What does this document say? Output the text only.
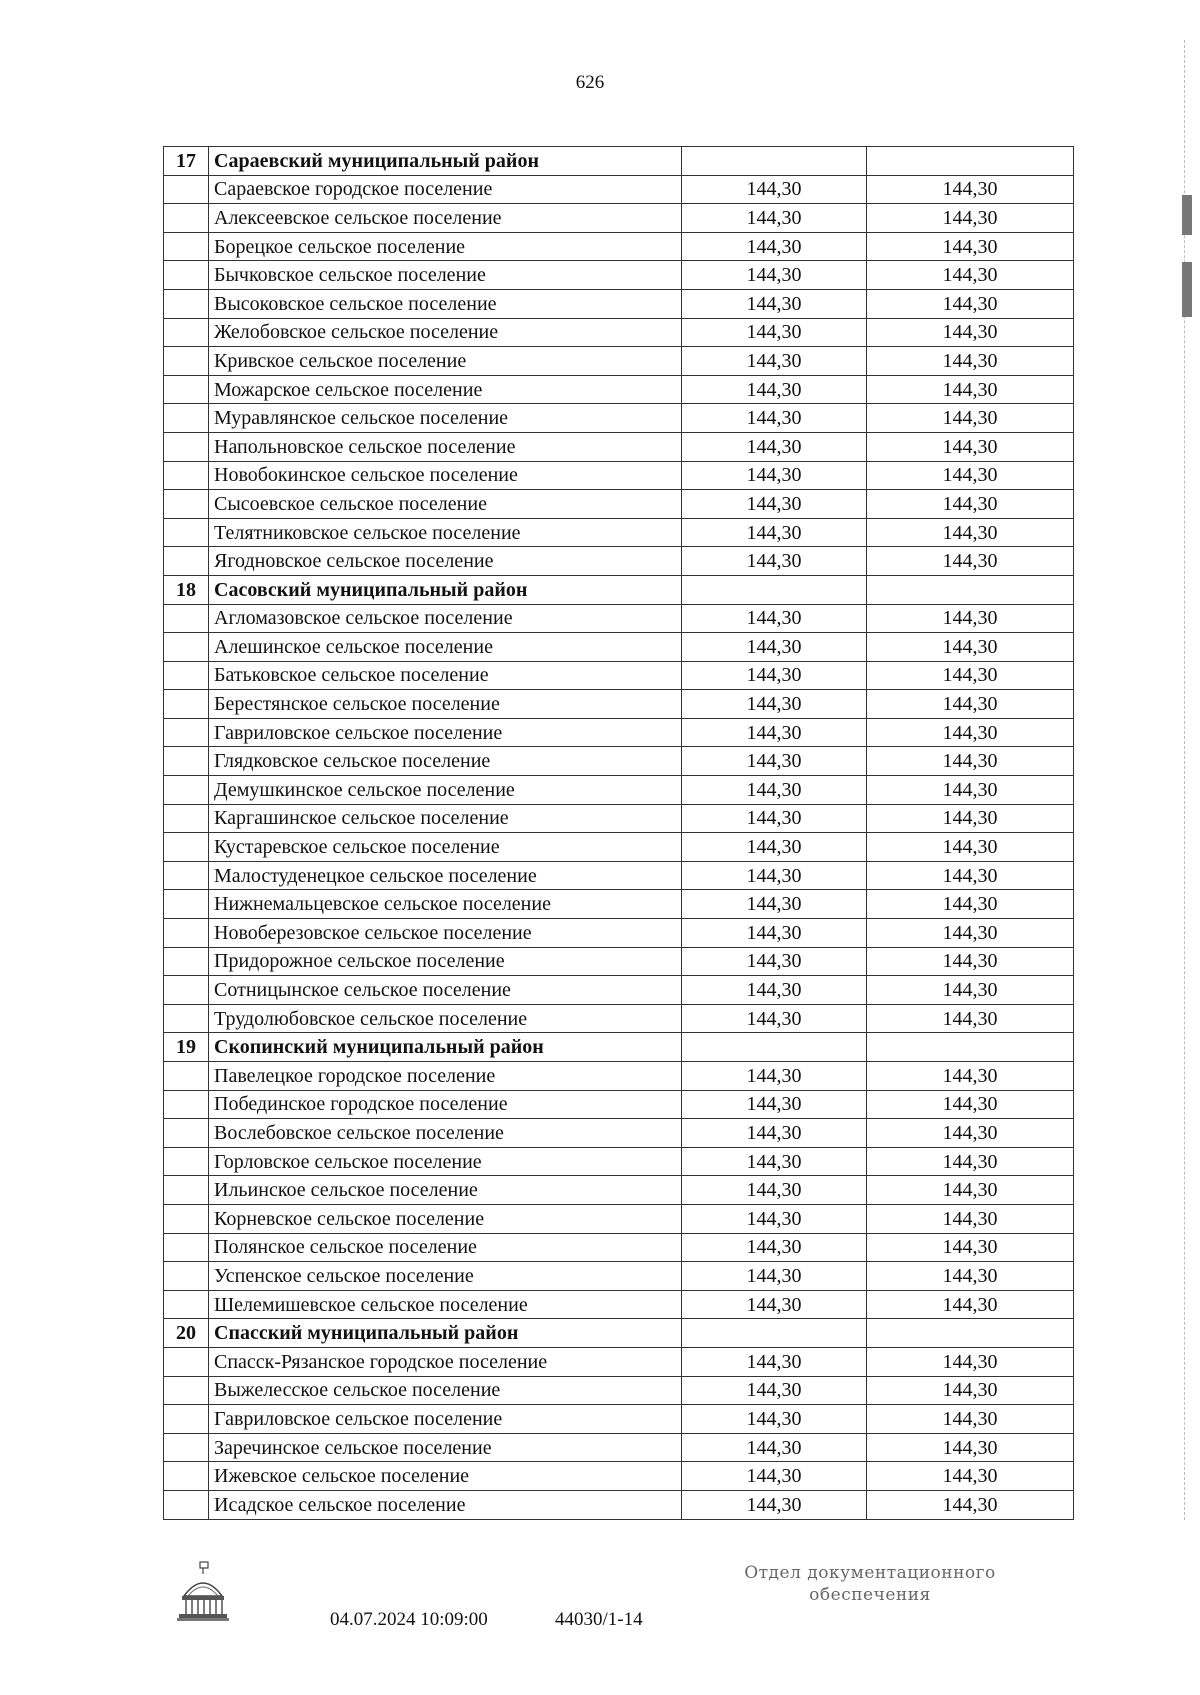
626
17	Сараевский муниципальный район		
	Сараевское городское поселение	144,30	144,30
	Алексеевское сельское поселение	144,30	144,30
	Борецкое сельское поселение	144,30	144,30
	Бычковское сельское поселение	144,30	144,30
	Высоковское сельское поселение	144,30	144,30
	Желобовское сельское поселение	144,30	144,30
	Кривское сельское поселение	144,30	144,30
	Можарское сельское поселение	144,30	144,30
	Муравлянское сельское поселение	144,30	144,30
	Напольновское сельское поселение	144,30	144,30
	Новобокинское сельское поселение	144,30	144,30
	Сысоевское сельское поселение	144,30	144,30
	Телятниковское сельское поселение	144,30	144,30
	Ягодновское сельское поселение	144,30	144,30
18	Сасовский муниципальный район		
	Агломазовское сельское поселение	144,30	144,30
	Алешинское сельское поселение	144,30	144,30
	Батьковское сельское поселение	144,30	144,30
	Берестянское сельское поселение	144,30	144,30
	Гавриловское сельское поселение	144,30	144,30
	Глядковское сельское поселение	144,30	144,30
	Демушкинское сельское поселение	144,30	144,30
	Каргашинское сельское поселение	144,30	144,30
	Кустаревское сельское поселение	144,30	144,30
	Малостуденецкое сельское поселение	144,30	144,30
	Нижнемальцевское сельское поселение	144,30	144,30
	Новоберезовское сельское поселение	144,30	144,30
	Придорожное сельское поселение	144,30	144,30
	Сотницынское сельское поселение	144,30	144,30
	Трудолюбовское сельское поселение	144,30	144,30
19	Скопинский муниципальный район		
	Павелецкое городское поселение	144,30	144,30
	Побединское городское поселение	144,30	144,30
	Вослебовское сельское поселение	144,30	144,30
	Горловское сельское поселение	144,30	144,30
	Ильинское сельское поселение	144,30	144,30
	Корневское сельское поселение	144,30	144,30
	Полянское сельское поселение	144,30	144,30
	Успенское сельское поселение	144,30	144,30
	Шелемишевское сельское поселение	144,30	144,30
20	Спасский муниципальный район		
	Спасск-Рязанское городское поселение	144,30	144,30
	Выжелесское сельское поселение	144,30	144,30
	Гавриловское сельское поселение	144,30	144,30
	Заречинское сельское поселение	144,30	144,30
	Ижевское сельское поселение	144,30	144,30
	Исадское сельское поселение	144,30	144,30
Отдел документационного
обеспечения
04.07.2024 10:09:00	44030/1-14
